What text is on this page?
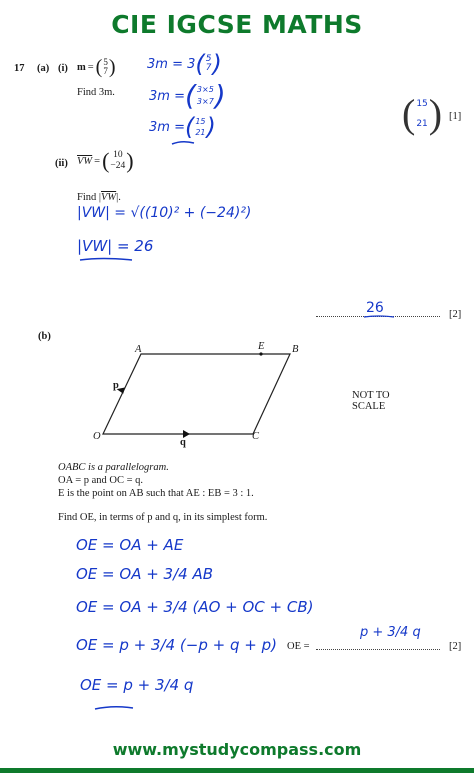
CIE IGCSE MATHS
17 (a) (i) m = ( 5
7 )
Find 3m.
3m = 3 ( 5
7 )
3m = ( 3×5
3×7 )
3m = ( 15
21 )	( 15
21 ) [1]
(ii) $\overline{VW}$ = ( 10
−24 )
Find $|\overline{VW}|$.
|VW| = √((10)² + (−24)²)
|VW| = 26
26	[2]
(b)
A	E	B
O	C
p
q
NOT TO
SCALE
OABC is a parallelogram.
OA = p and OC = q.
E is the point on AB such that AE : EB = 3 : 1.
Find OE, in terms of p and q, in its simplest form.
OE = OA + AE
OE = OA + 3/4 AB
OE = OA + 3/4 (AO + OC + CB)
OE = p + 3/4 (−p + q + p)
OE = p + 3/4 q
OE =
p + 3/4 q
[2]
www.mystudycompass.com
